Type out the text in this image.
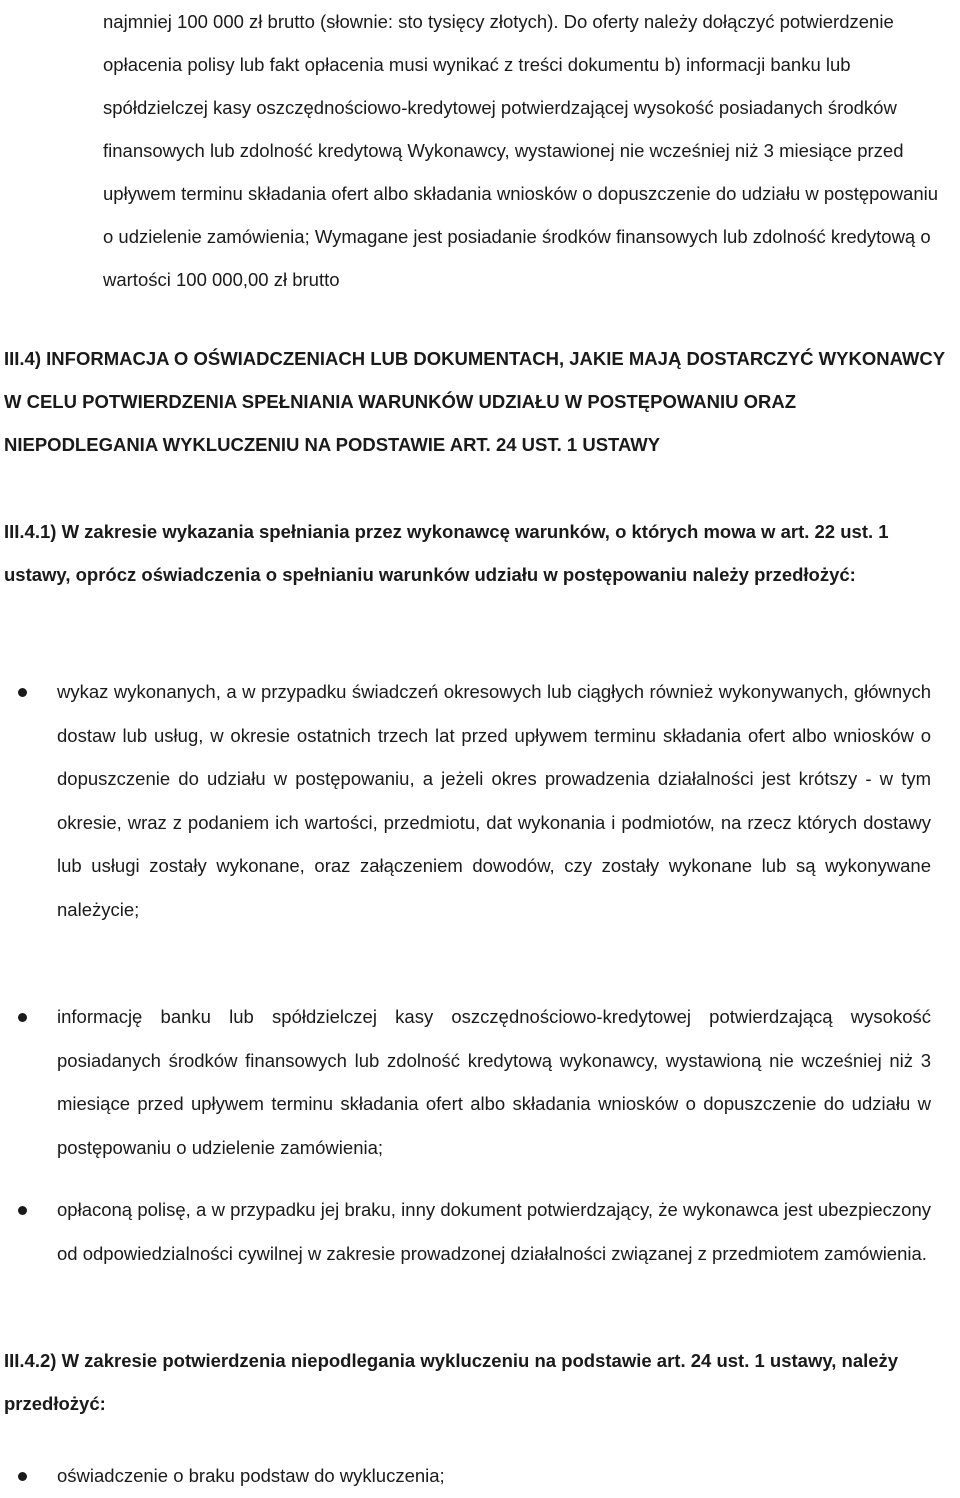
najmniej 100 000 zł brutto (słownie: sto tysięcy złotych). Do oferty należy dołączyć potwierdzenie opłacenia polisy lub fakt opłacenia musi wynikać z treści dokumentu b) informacji banku lub spółdzielczej kasy oszczędnościowo-kredytowej potwierdzającej wysokość posiadanych środków finansowych lub zdolność kredytową Wykonawcy, wystawionej nie wcześniej niż 3 miesiące przed upływem terminu składania ofert albo składania wniosków o dopuszczenie do udziału w postępowaniu o udzielenie zamówienia; Wymagane jest posiadanie środków finansowych lub zdolność kredytową o wartości 100 000,00 zł brutto

III.4) INFORMACJA O OŚWIADCZENIACH LUB DOKUMENTACH, JAKIE MAJĄ DOSTARCZYĆ WYKONAWCY W CELU POTWIERDZENIA SPEŁNIANIA WARUNKÓW UDZIAŁU W POSTĘPOWANIU ORAZ NIEPODLEGANIA WYKLUCZENIU NA PODSTAWIE ART. 24 UST. 1 USTAWY

III.4.1) W zakresie wykazania spełniania przez wykonawcę warunków, o których mowa w art. 22 ust. 1 ustawy, oprócz oświadczenia o spełnianiu warunków udziału w postępowaniu należy przedłożyć:

wykaz wykonanych, a w przypadku świadczeń okresowych lub ciągłych również wykonywanych, głównych dostaw lub usług, w okresie ostatnich trzech lat przed upływem terminu składania ofert albo wniosków o dopuszczenie do udziału w postępowaniu, a jeżeli okres prowadzenia działalności jest krótszy - w tym okresie, wraz z podaniem ich wartości, przedmiotu, dat wykonania i podmiotów, na rzecz których dostawy lub usługi zostały wykonane, oraz załączeniem dowodów, czy zostały wykonane lub są wykonywane należycie;

informację banku lub spółdzielczej kasy oszczędnościowo-kredytowej potwierdzającą wysokość posiadanych środków finansowych lub zdolność kredytową wykonawcy, wystawioną nie wcześniej niż 3 miesiące przed upływem terminu składania ofert albo składania wniosków o dopuszczenie do udziału w postępowaniu o udzielenie zamówienia;

opłaconą polisę, a w przypadku jej braku, inny dokument potwierdzający, że wykonawca jest ubezpieczony od odpowiedzialności cywilnej w zakresie prowadzonej działalności związanej z przedmiotem zamówienia.

III.4.2) W zakresie potwierdzenia niepodlegania wykluczeniu na podstawie art. 24 ust. 1 ustawy, należy przedłożyć:

oświadczenie o braku podstaw do wykluczenia;
